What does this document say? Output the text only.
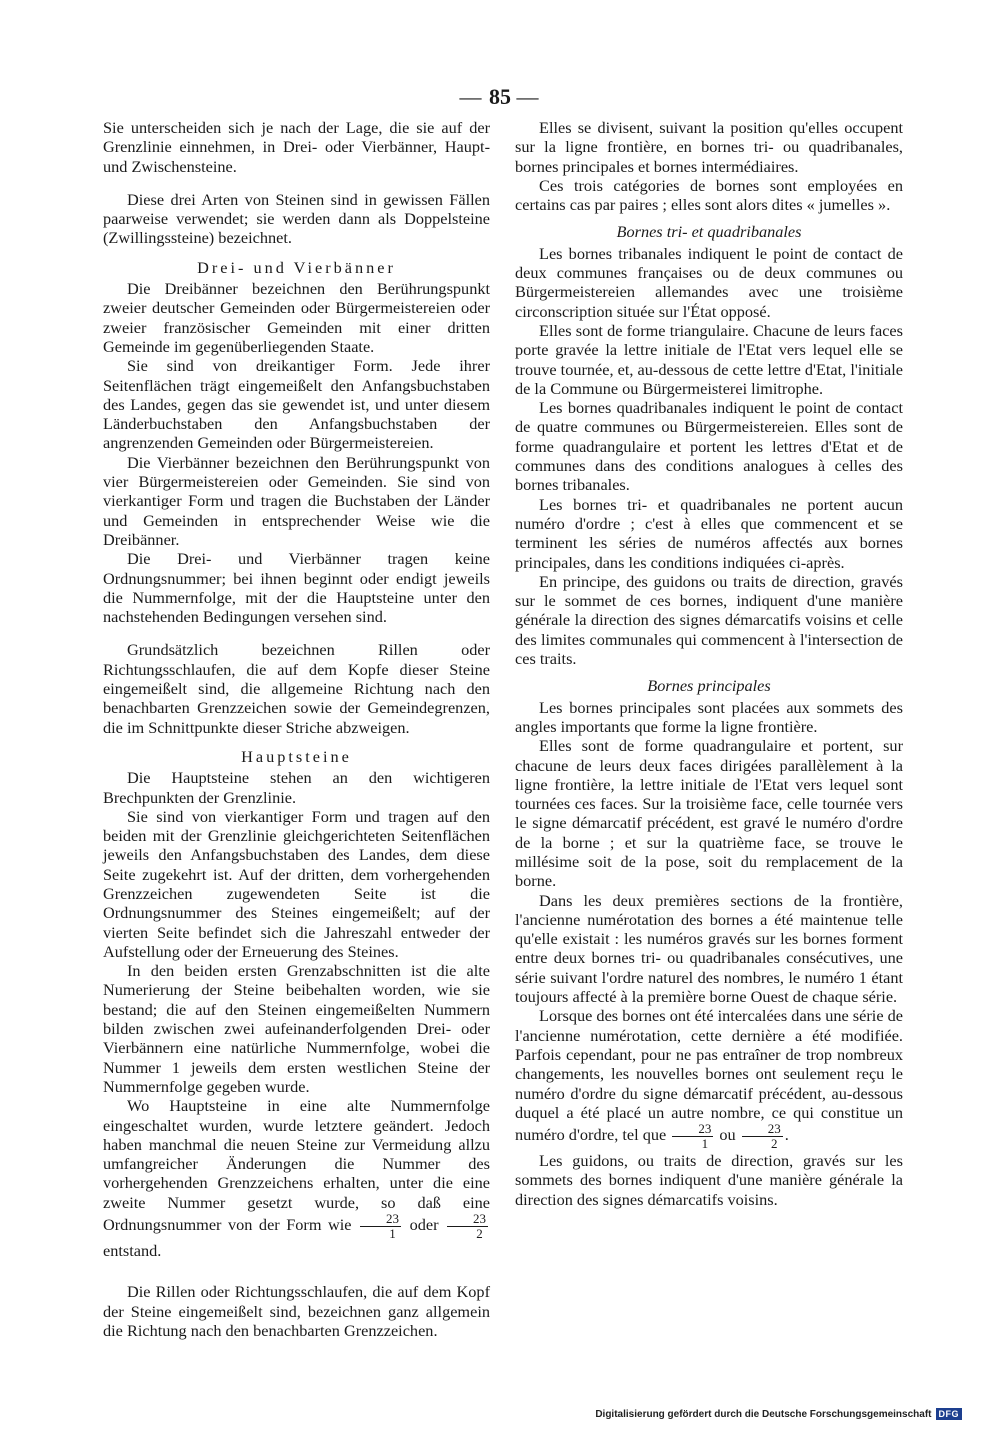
— 85 —

Sie unterscheiden sich je nach der Lage, die sie auf der Grenzlinie einnehmen, in Drei- oder Vierbänner, Haupt- und Zwischensteine.

Diese drei Arten von Steinen sind in gewissen Fällen paarweise verwendet; sie werden dann als Doppelsteine (Zwillingssteine) bezeichnet.

Drei- und Vierbänner

Die Dreibänner bezeichnen den Berührungspunkt zweier deutscher Gemeinden oder Bürgermeistereien oder zweier französischer Gemeinden mit einer dritten Gemeinde im gegenüberliegenden Staate.

Sie sind von dreikantiger Form. Jede ihrer Seitenflächen trägt eingemeißelt den Anfangsbuchstaben des Landes, gegen das sie gewendet ist, und unter diesem Länderbuchstaben den Anfangsbuchstaben der angrenzenden Gemeinden oder Bürgermeistereien.

Die Vierbänner bezeichnen den Berührungspunkt von vier Bürgermeistereien oder Gemeinden. Sie sind von vierkantiger Form und tragen die Buchstaben der Länder und Gemeinden in entsprechender Weise wie die Dreibänner.

Die Drei- und Vierbänner tragen keine Ordnungsnummer; bei ihnen beginnt oder endigt jeweils die Nummernfolge, mit der die Hauptsteine unter den nachstehenden Bedingungen versehen sind.

Grundsätzlich bezeichnen Rillen oder Richtungsschlaufen, die auf dem Kopfe dieser Steine eingemeißelt sind, die allgemeine Richtung nach den benachbarten Grenzzeichen sowie der Gemeindegrenzen, die im Schnittpunkte dieser Striche abzweigen.

Hauptsteine

Die Hauptsteine stehen an den wichtigeren Brechpunkten der Grenzlinie.

Sie sind von vierkantiger Form und tragen auf den beiden mit der Grenzlinie gleichgerichteten Seitenflächen jeweils den Anfangsbuchstaben des Landes, dem diese Seite zugekehrt ist. Auf der dritten, dem vorhergehenden Grenzzeichen zugewendeten Seite ist die Ordnungsnummer des Steines eingemeißelt; auf der vierten Seite befindet sich die Jahreszahl entweder der Aufstellung oder der Erneuerung des Steines.

In den beiden ersten Grenzabschnitten ist die alte Numerierung der Steine beibehalten worden, wie sie bestand; die auf den Steinen eingemeißelten Nummern bilden zwischen zwei aufeinanderfolgenden Drei- oder Vierbännern eine natürliche Nummernfolge, wobei die Nummer 1 jeweils dem ersten westlichen Steine der Nummernfolge gegeben wurde.

Wo Hauptsteine in eine alte Nummernfolge eingeschaltet wurden, wurde letztere geändert. Jedoch haben manchmal die neuen Steine zur Vermeidung allzu umfangreicher Änderungen die Nummer des vorhergehenden Grenzzeichens erhalten, unter die eine zweite Nummer gesetzt wurde, so daß eine Ordnungsnummer von der Form wie $\frac{23}{1}$ oder $\frac{23}{2}$
entstand.

Die Rillen oder Richtungsschlaufen, die auf dem Kopf der Steine eingemeißelt sind, bezeichnen ganz allgemein die Richtung nach den benachbarten Grenzzeichen.

Elles se divisent, suivant la position qu'elles occupent sur la ligne frontière, en bornes tri- ou quadribanales, bornes principales et bornes intermédiaires.

Ces trois catégories de bornes sont employées en certains cas par paires ; elles sont alors dites « jumelles ».

Bornes tri- et quadribanales

Les bornes tribanales indiquent le point de contact de deux communes françaises ou de deux communes ou Bürgermeistereien allemandes avec une troisième circonscription située sur l'État opposé.

Elles sont de forme triangulaire. Chacune de leurs faces porte gravée la lettre initiale de l'Etat vers lequel elle se trouve tournée, et, au-dessous de cette lettre d'Etat, l'initiale de la Commune ou Bürgermeisterei limitrophe.

Les bornes quadribanales indiquent le point de contact de quatre communes ou Bürgermeistereien. Elles sont de forme quadrangulaire et portent les lettres d'Etat et de communes dans des conditions analogues à celles des bornes tribanales.

Les bornes tri- et quadribanales ne portent aucun numéro d'ordre ; c'est à elles que commencent et se terminent les séries de numéros affectés aux bornes principales, dans les conditions indiquées ci-après.

En principe, des guidons ou traits de direction, gravés sur le sommet de ces bornes, indiquent d'une manière générale la direction des signes démarcatifs voisins et celle des limites communales qui commencent à l'intersection de ces traits.

Bornes principales

Les bornes principales sont placées aux sommets des angles importants que forme la ligne frontière.

Elles sont de forme quadrangulaire et portent, sur chacune de leurs deux faces dirigées parallèlement à la ligne frontière, la lettre initiale de l'Etat vers lequel sont tournées ces faces. Sur la troisième face, celle tournée vers le signe démarcatif précédent, est gravé le numéro d'ordre de la borne ; et sur la quatrième face, se trouve le millésime soit de la pose, soit du remplacement de la borne.

Dans les deux premières sections de la frontière, l'ancienne numérotation des bornes a été maintenue telle qu'elle existait : les numéros gravés sur les bornes forment entre deux bornes tri- ou quadribanales consécutives, une série suivant l'ordre naturel des nombres, le numéro 1 étant toujours affecté à la première borne Ouest de chaque série.

Lorsque des bornes ont été intercalées dans une série de l'ancienne numérotation, cette dernière a été modifiée. Parfois cependant, pour ne pas entraîner de trop nombreux changements, les nouvelles bornes ont seulement reçu le numéro d'ordre du signe démarcatif précédent, au-dessous duquel a été placé un autre nombre, ce qui constitue un numéro d'ordre, tel que $\frac{23}{1}$ ou $\frac{23}{2}$ .

Les guidons, ou traits de direction, gravés sur les sommets des bornes indiquent d'une manière générale la direction des signes démarcatifs voisins.

Digitalisierung gefördert durch die Deutsche Forschungsgemeinschaft DFG
